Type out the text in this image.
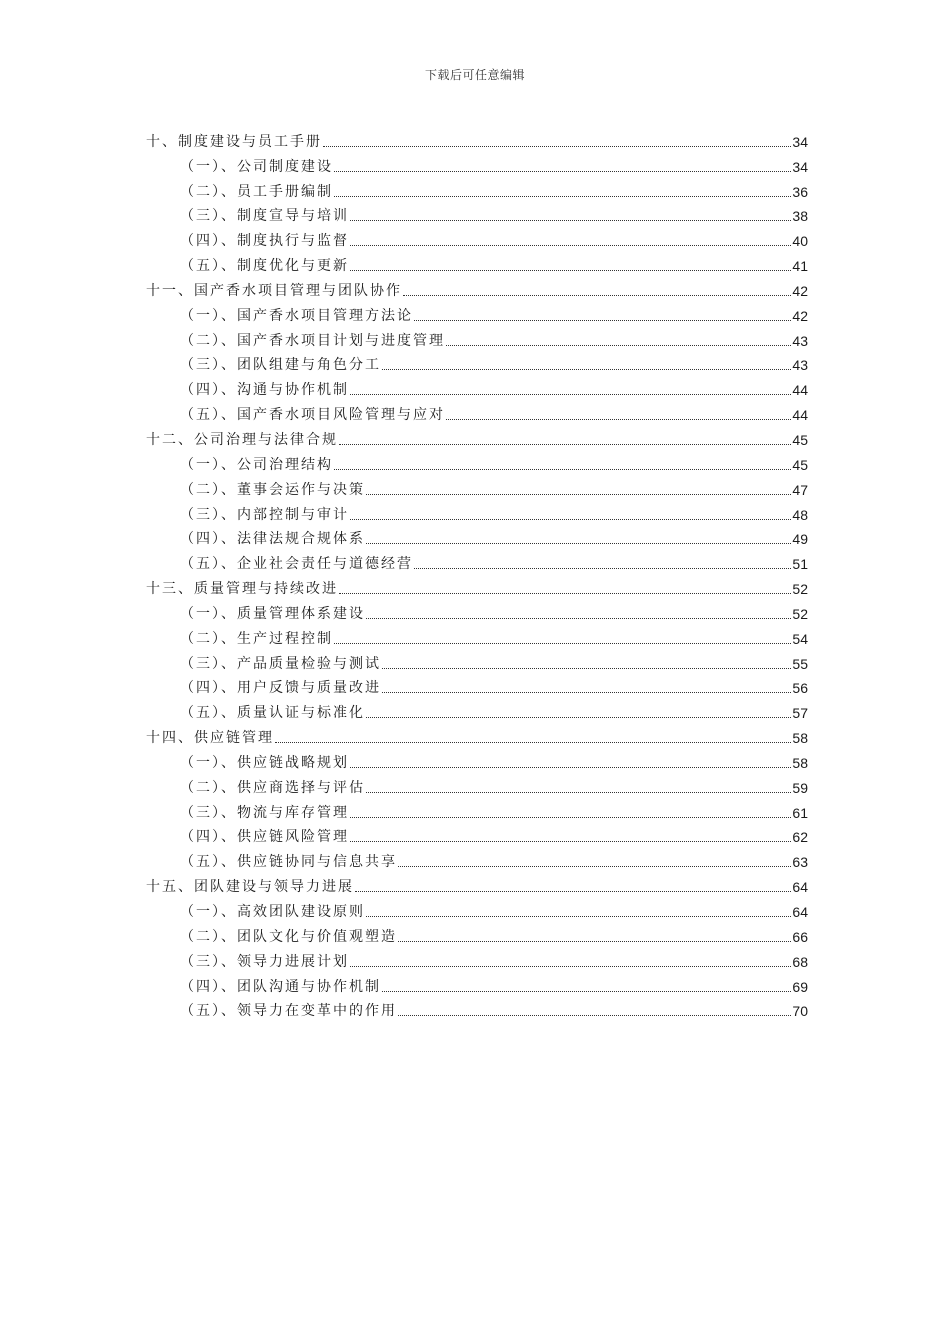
下载后可任意编辑
十、制度建设与员工手册	34
（一）、公司制度建设	34
（二）、员工手册编制	36
（三）、制度宣导与培训	38
（四）、制度执行与监督	40
（五）、制度优化与更新	41
十一、国产香水项目管理与团队协作	42
（一）、国产香水项目管理方法论	42
（二）、国产香水项目计划与进度管理	43
（三）、团队组建与角色分工	43
（四）、沟通与协作机制	44
（五）、国产香水项目风险管理与应对	44
十二、公司治理与法律合规	45
（一）、公司治理结构	45
（二）、董事会运作与决策	47
（三）、内部控制与审计	48
（四）、法律法规合规体系	49
（五）、企业社会责任与道德经营	51
十三、质量管理与持续改进	52
（一）、质量管理体系建设	52
（二）、生产过程控制	54
（三）、产品质量检验与测试	55
（四）、用户反馈与质量改进	56
（五）、质量认证与标准化	57
十四、供应链管理	58
（一）、供应链战略规划	58
（二）、供应商选择与评估	59
（三）、物流与库存管理	61
（四）、供应链风险管理	62
（五）、供应链协同与信息共享	63
十五、团队建设与领导力进展	64
（一）、高效团队建设原则	64
（二）、团队文化与价值观塑造	66
（三）、领导力进展计划	68
（四）、团队沟通与协作机制	69
（五）、领导力在变革中的作用	70
